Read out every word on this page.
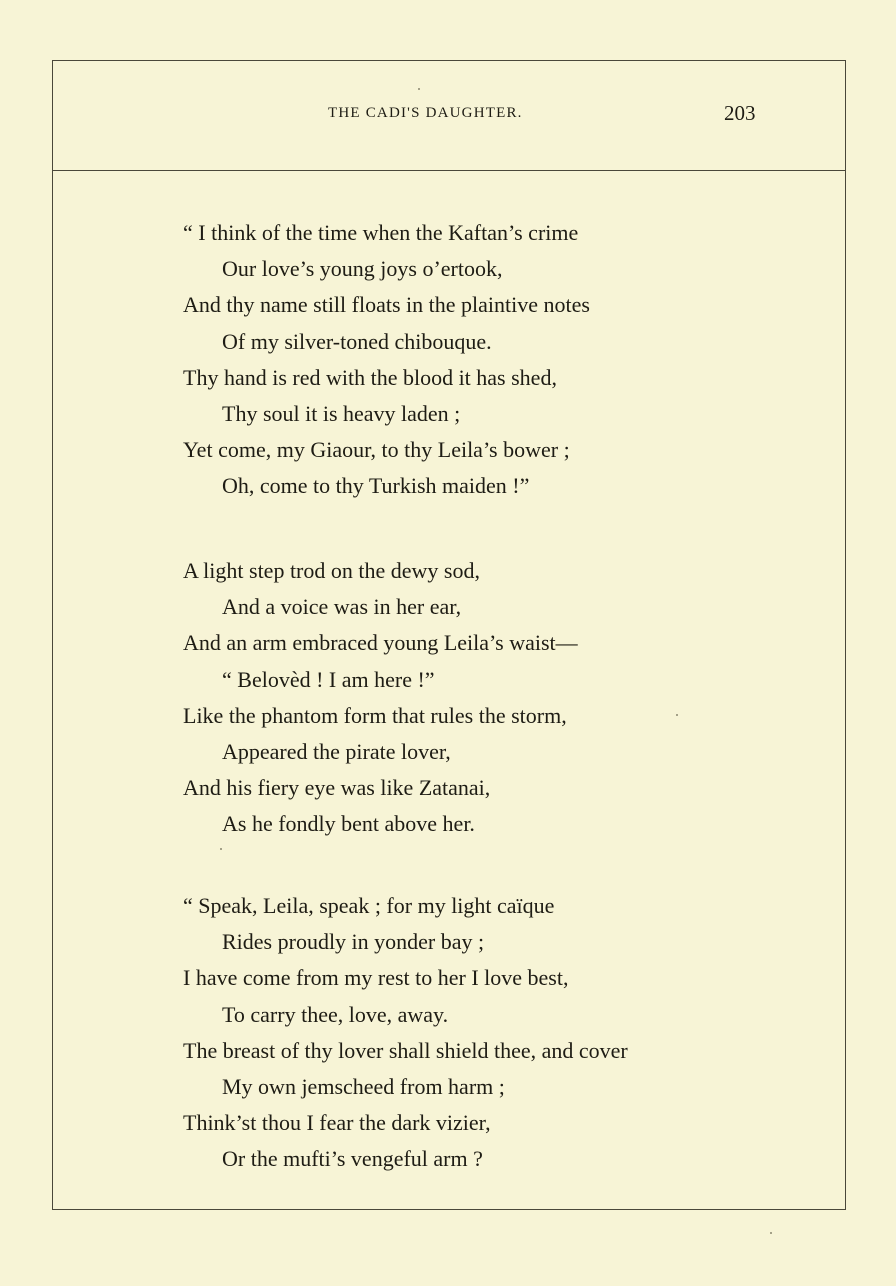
THE CADI'S DAUGHTER.	203
“ I think of the time when the Kaftan’s crime
Our love’s young joys o’ertook,
And thy name still floats in the plaintive notes
Of my silver-toned chibouque.
Thy hand is red with the blood it has shed,
Thy soul it is heavy laden ;
Yet come, my Giaour, to thy Leila’s bower ;
Oh, come to thy Turkish maiden !”
A light step trod on the dewy sod,
And a voice was in her ear,
And an arm embraced young Leila’s waist—
“ Belovèd ! I am here !”
Like the phantom form that rules the storm,
Appeared the pirate lover,
And his fiery eye was like Zatanai,
As he fondly bent above her.
“ Speak, Leila, speak ; for my light caïque
Rides proudly in yonder bay ;
I have come from my rest to her I love best,
To carry thee, love, away.
The breast of thy lover shall shield thee, and cover
My own jemscheed from harm ;
Think’st thou I fear the dark vizier,
Or the mufti’s vengeful arm ?
